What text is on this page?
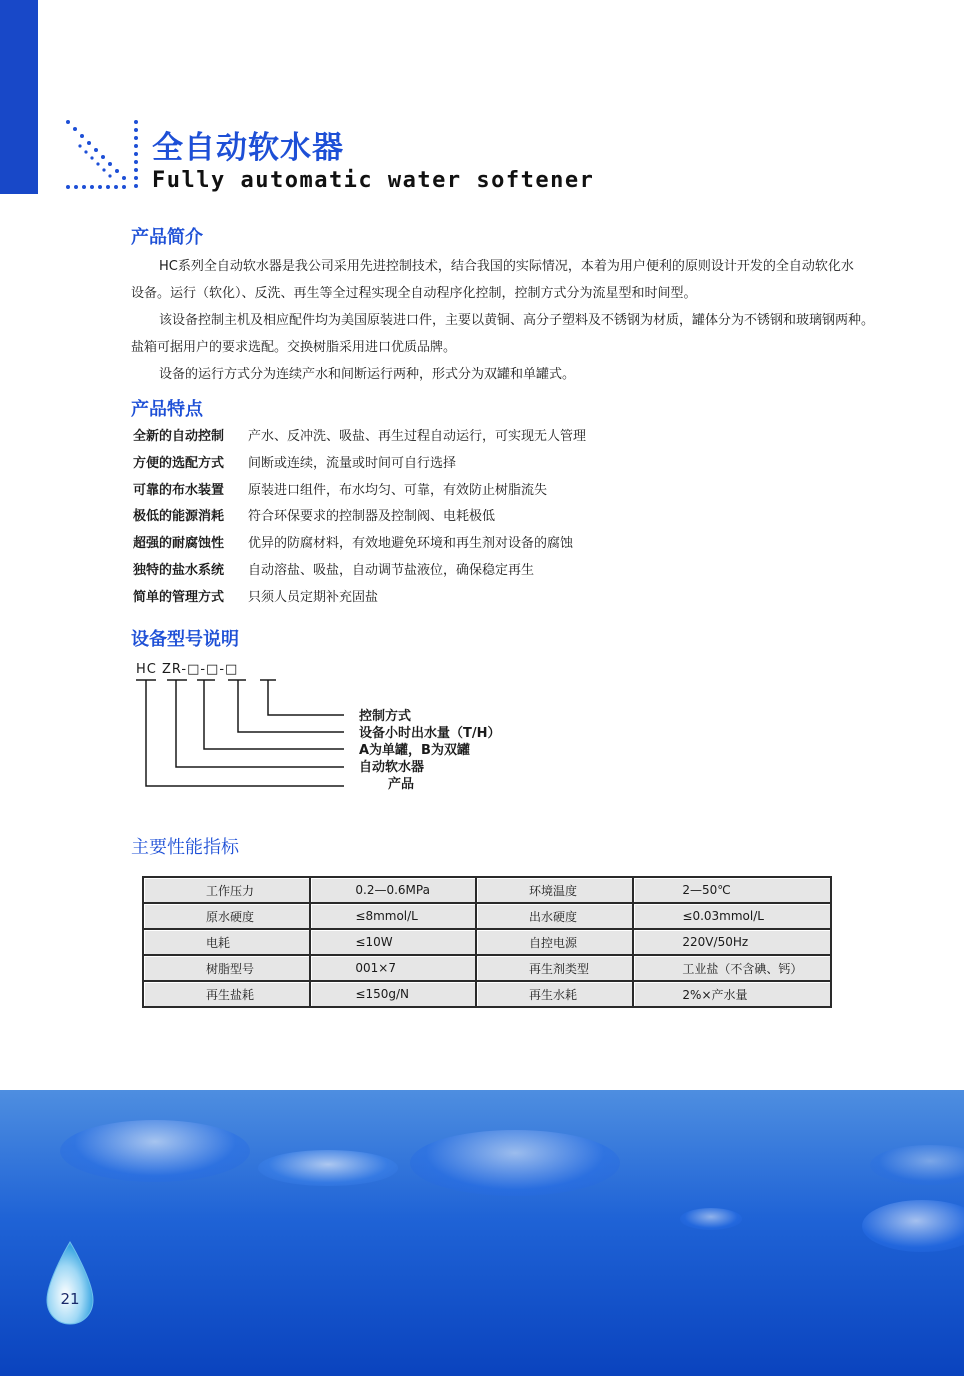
全自动软水器
Fully automatic water softener
产品简介

HC系列全自动软水器是我公司采用先进控制技术，结合我国的实际情况，本着为用户便利的原则设计开发的全自动软化水

设备。运行（软化）、反洗、再生等全过程实现全自动程序化控制，控制方式分为流星型和时间型。

该设备控制主机及相应配件均为美国原装进口件，主要以黄铜、高分子塑料及不锈钢为材质，罐体分为不锈钢和玻璃钢两种。

盐箱可据用户的要求选配。交换树脂采用进口优质品牌。

设备的运行方式分为连续产水和间断运行两种，形式分为双罐和单罐式。

产品特点
全新的自动控制 产水、反冲洗、吸盐、再生过程自动运行，可实现无人管理
方便的选配方式 间断或连续，流量或时间可自行选择
可靠的布水装置 原装进口组件，布水均匀、可靠，有效防止树脂流失
极低的能源消耗 符合环保要求的控制器及控制阀、电耗极低
超强的耐腐蚀性 优异的防腐材料，有效地避免环境和再生剂对设备的腐蚀
独特的盐水系统 自动溶盐、吸盐，自动调节盐液位，确保稳定再生
简单的管理方式 只须人员定期补充固盐
设备型号说明

HC ZR-□-□-□

控制方式
设备小时出水量（T/H）
A为单罐，B为双罐
自动软水器
产品
主要性能指标
工作压力	0.2—0.6MPa	环境温度	2—50℃
原水硬度	≤8mmol/L	出水硬度	≤0.03mmol/L
电耗	≤10W	自控电源	220V/50Hz
树脂型号	001×7	再生剂类型	工业盐（不含碘、钙）
再生盐耗	≤150g/N	再生水耗	2%×产水量

21
